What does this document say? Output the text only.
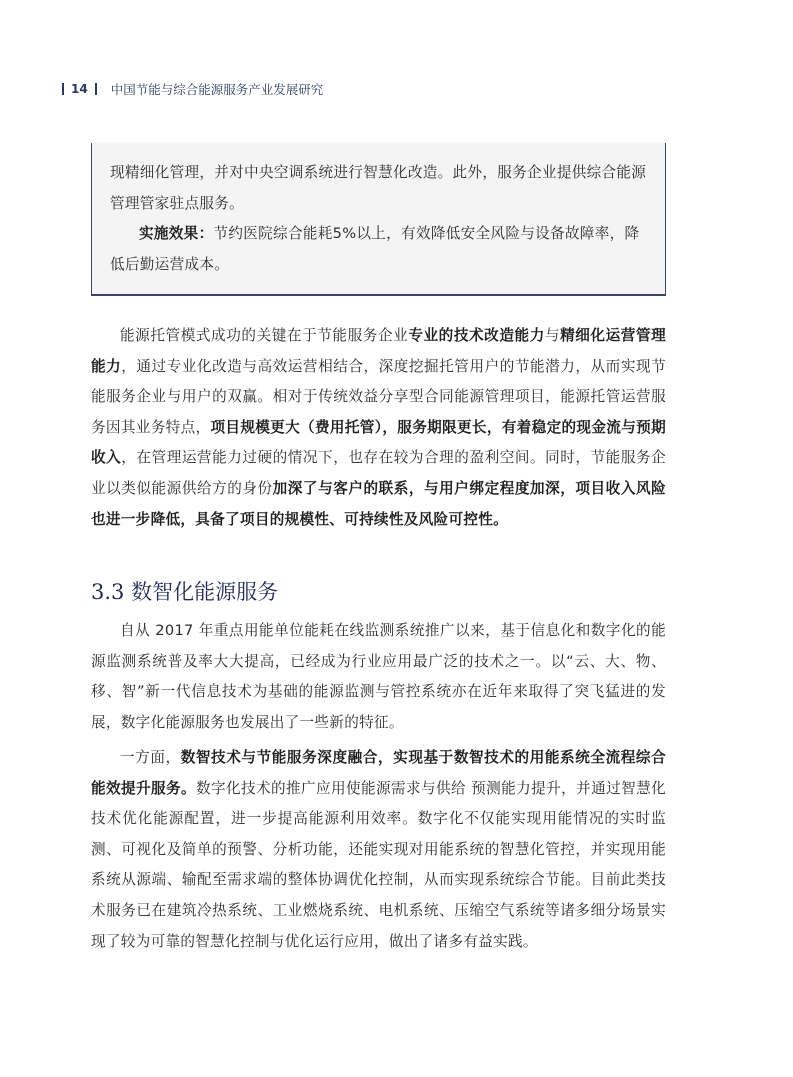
14 中国节能与综合能源服务产业发展研究

现精细化管理，并对中央空调系统进行智慧化改造。此外，服务企业提供综合能源管理管家驻点服务。

实施效果：节约医院综合能耗5%以上，有效降低安全风险与设备故障率，降低后勤运营成本。

能源托管模式成功的关键在于节能服务企业专业的技术改造能力与精细化运营管理能力，通过专业化改造与高效运营相结合，深度挖掘托管用户的节能潜力，从而实现节能服务企业与用户的双赢。相对于传统效益分享型合同能源管理项目，能源托管运营服务因其业务特点，项目规模更大（费用托管），服务期限更长，有着稳定的现金流与预期收入，在管理运营能力过硬的情况下，也存在较为合理的盈利空间。同时，节能服务企业以类似能源供给方的身份加深了与客户的联系，与用户绑定程度加深，项目收入风险也进一步降低，具备了项目的规模性、可持续性及风险可控性。

3.3 数智化能源服务

自从 2017 年重点用能单位能耗在线监测系统推广以来，基于信息化和数字化的能源监测系统普及率大大提高，已经成为行业应用最广泛的技术之一。以“云、大、物、移、智”新一代信息技术为基础的能源监测与管控系统亦在近年来取得了突飞猛进的发展，数字化能源服务也发展出了一些新的特征。

一方面，数智技术与节能服务深度融合，实现基于数智技术的用能系统全流程综合能效提升服务。数字化技术的推广应用使能源需求与供给 预测能力提升，并通过智慧化技术优化能源配置，进一步提高能源利用效率。数字化不仅能实现用能情况的实时监测、可视化及简单的预警、分析功能，还能实现对用能系统的智慧化管控，并实现用能系统从源端、输配至需求端的整体协调优化控制，从而实现系统综合节能。目前此类技术服务已在建筑冷热系统、工业燃烧系统、电机系统、压缩空气系统等诸多细分场景实现了较为可靠的智慧化控制与优化运行应用，做出了诸多有益实践。
